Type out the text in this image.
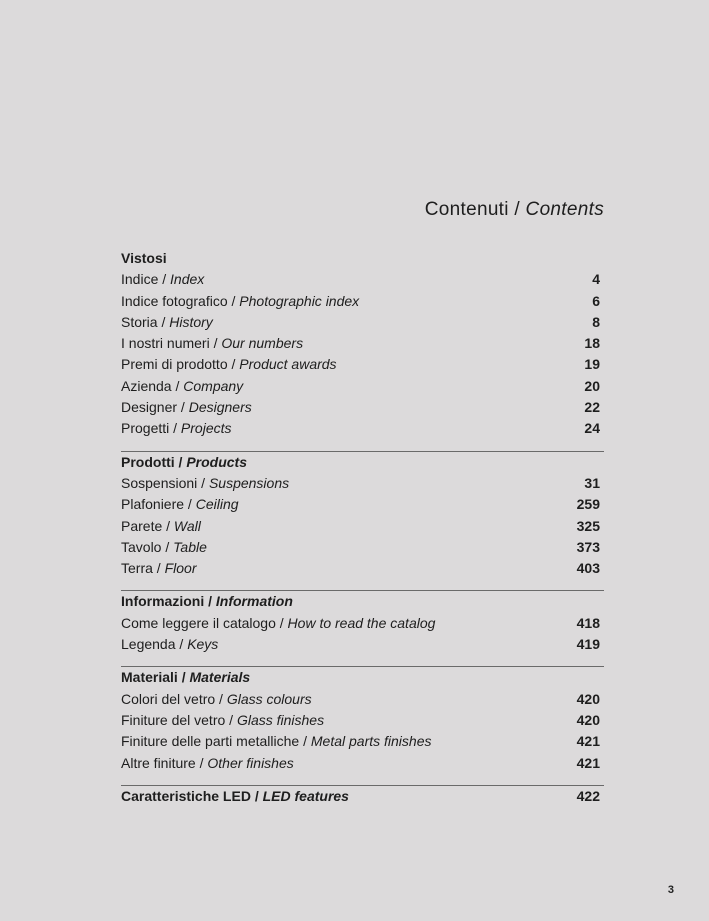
Contenuti / Contents
Vistosi
Indice / Index	4
Indice fotografico / Photographic index	6
Storia / History	8
I nostri numeri / Our numbers	18
Premi di prodotto / Product awards	19
Azienda / Company	20
Designer / Designers	22
Progetti / Projects	24
Prodotti / Products
Sospensioni / Suspensions	31
Plafoniere / Ceiling	259
Parete / Wall	325
Tavolo / Table	373
Terra / Floor	403
Informazioni / Information
Come leggere il catalogo / How to read the catalog	418
Legenda / Keys	419
Materiali / Materials
Colori del vetro / Glass colours	420
Finiture del vetro / Glass finishes	420
Finiture delle parti metalliche / Metal parts finishes	421
Altre finiture / Other finishes	421
Caratteristiche LED / LED features	422
3
